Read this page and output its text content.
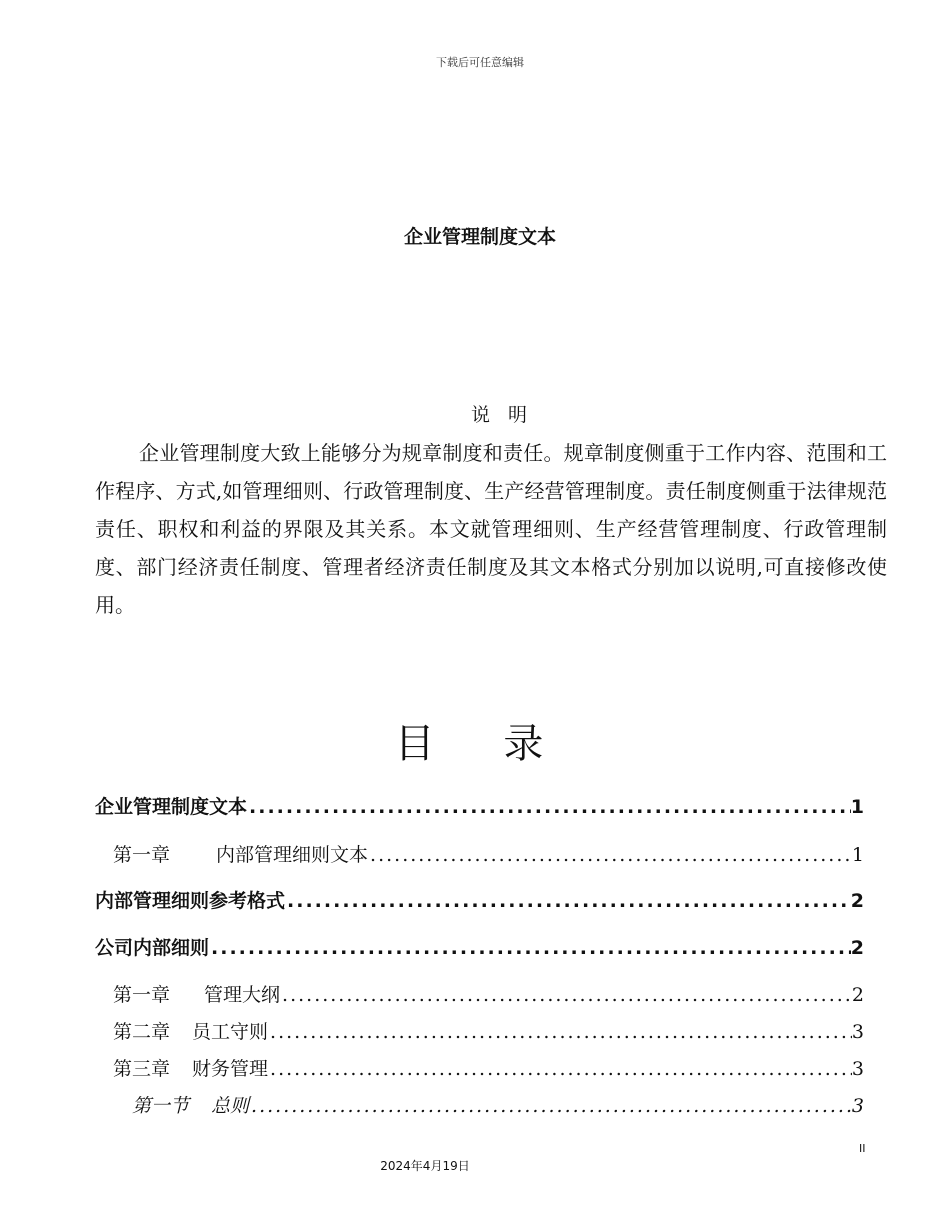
下载后可任意编辑
企业管理制度文本
说 明
企业管理制度大致上能够分为规章制度和责任。规章制度侧重于工作内容、范围和工作程序、方式,如管理细则、行政管理制度、生产经营管理制度。责任制度侧重于法律规范责任、职权和利益的界限及其关系。本文就管理细则、生产经营管理制度、行政管理制度、部门经济责任制度、管理者经济责任制度及其文本格式分别加以说明,可直接修改使用。
目 录
企业管理制度文本 .....	1
第一章 内部管理细则文本 .....	1
内部管理细则参考格式 .....	2
公司内部细则 .....	2
第一章 管理大纲 .....	2
第二章 员工守则 .....	3
第三章 财务管理 .....	3
第一节 总则 .....	3
II
2024年4月19日
